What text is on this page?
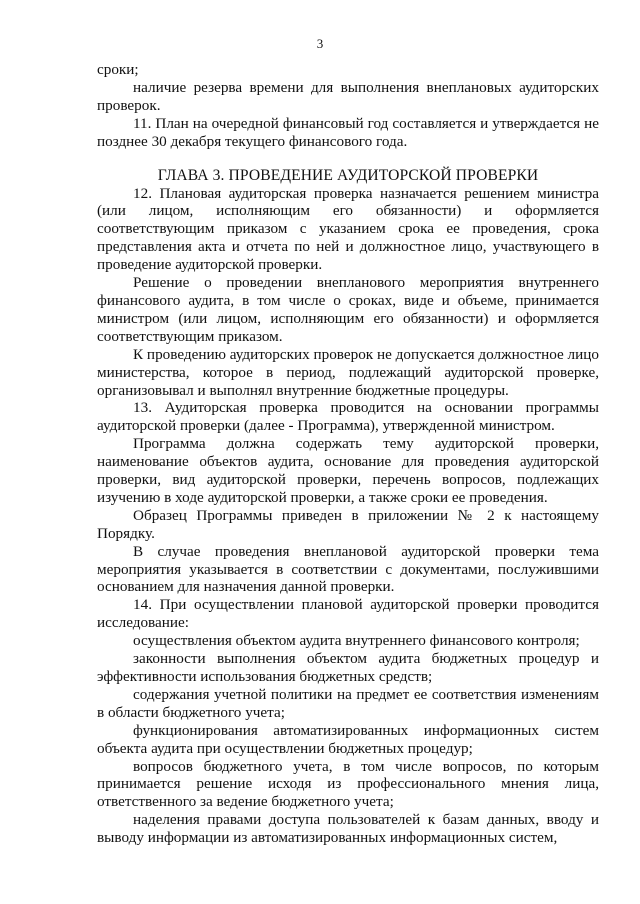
3

сроки;

наличие резерва времени для выполнения внеплановых аудиторских проверок.

11. План на очередной финансовый год составляется и утверждается не позднее 30 декабря текущего финансового года.

ГЛАВА 3. ПРОВЕДЕНИЕ АУДИТОРСКОЙ ПРОВЕРКИ

12. Плановая аудиторская проверка назначается решением министра (или лицом, исполняющим его обязанности) и оформляется соответствующим приказом с указанием срока ее проведения, срока представления акта и отчета по ней и должностное лицо, участвующего в проведение аудиторской проверки.

Решение о проведении внепланового мероприятия внутреннего финансового аудита, в том числе о сроках, виде и объеме, принимается министром (или лицом, исполняющим его обязанности) и оформляется соответствующим приказом.

К проведению аудиторских проверок не допускается должностное лицо министерства, которое в период, подлежащий аудиторской проверке, организовывал и выполнял внутренние бюджетные процедуры.

13. Аудиторская проверка проводится на основании программы аудиторской проверки (далее - Программа), утвержденной министром.

Программа должна содержать тему аудиторской проверки, наименование объектов аудита, основание для проведения аудиторской проверки, вид аудиторской проверки, перечень вопросов, подлежащих изучению в ходе аудиторской проверки, а также сроки ее проведения.

Образец Программы приведен в приложении № 2 к настоящему Порядку.

В случае проведения внеплановой аудиторской проверки тема мероприятия указывается в соответствии с документами, послужившими основанием для назначения данной проверки.

14. При осуществлении плановой аудиторской проверки проводится исследование:

осуществления объектом аудита внутреннего финансового контроля;

законности выполнения объектом аудита бюджетных процедур и эффективности использования бюджетных средств;

содержания учетной политики на предмет ее соответствия изменениям в области бюджетного учета;

функционирования автоматизированных информационных систем объекта аудита при осуществлении бюджетных процедур;

вопросов бюджетного учета, в том числе вопросов, по которым принимается решение исходя из профессионального мнения лица, ответственного за ведение бюджетного учета;

наделения правами доступа пользователей к базам данных, вводу и выводу информации из автоматизированных информационных систем,
